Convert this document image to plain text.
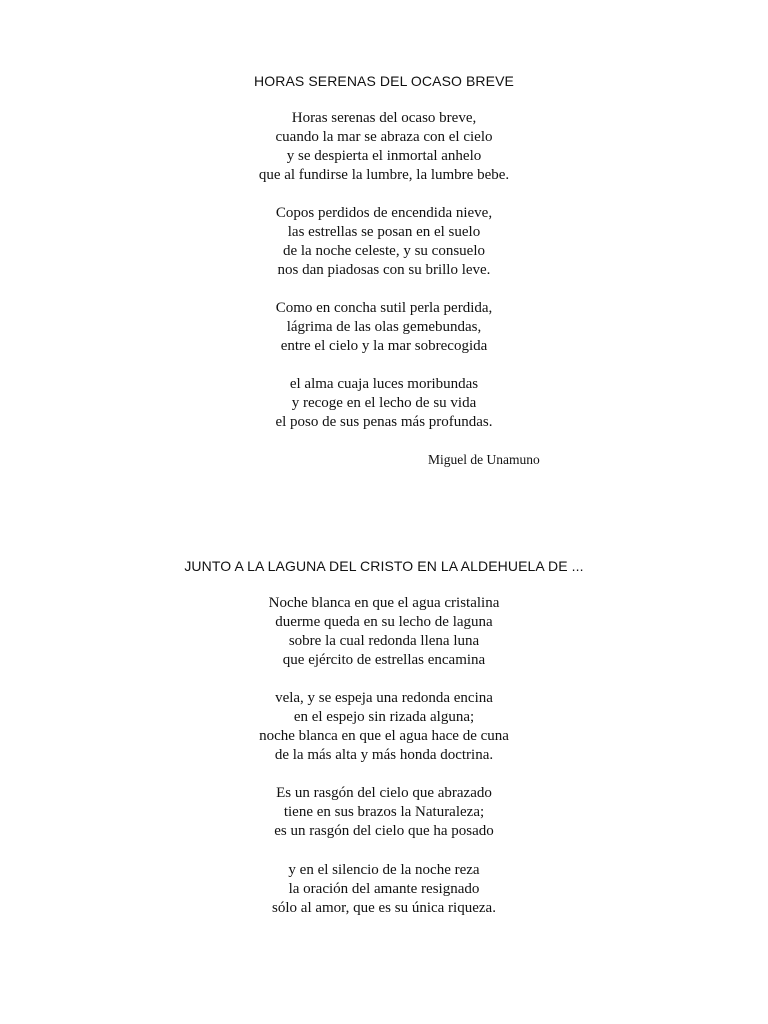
HORAS SERENAS DEL OCASO BREVE
Horas serenas del ocaso breve,
cuando la mar se abraza con el cielo
y se despierta el inmortal anhelo
que al fundirse la lumbre, la lumbre bebe.
Copos perdidos de encendida nieve,
las estrellas se posan en el suelo
de la noche celeste, y su consuelo
nos dan piadosas con su brillo leve.
Como en concha sutil perla perdida,
lágrima de las olas gemebundas,
entre el cielo y la mar sobrecogida
el alma cuaja luces moribundas
y recoge en el lecho de su vida
el poso de sus penas más profundas.
Miguel de Unamuno
JUNTO A LA LAGUNA DEL CRISTO EN LA ALDEHUELA DE ...
Noche blanca en que el agua cristalina
duerme queda en su lecho de laguna
sobre la cual redonda llena luna
que ejército de estrellas encamina
vela, y se espeja una redonda encina
en el espejo sin rizada alguna;
noche blanca en que el agua hace de cuna
de la más alta y más honda doctrina.
Es un rasgón del cielo que abrazado
tiene en sus brazos la Naturaleza;
es un rasgón del cielo que ha posado
y en el silencio de la noche reza
la oración del amante resignado
sólo al amor, que es su única riqueza.
